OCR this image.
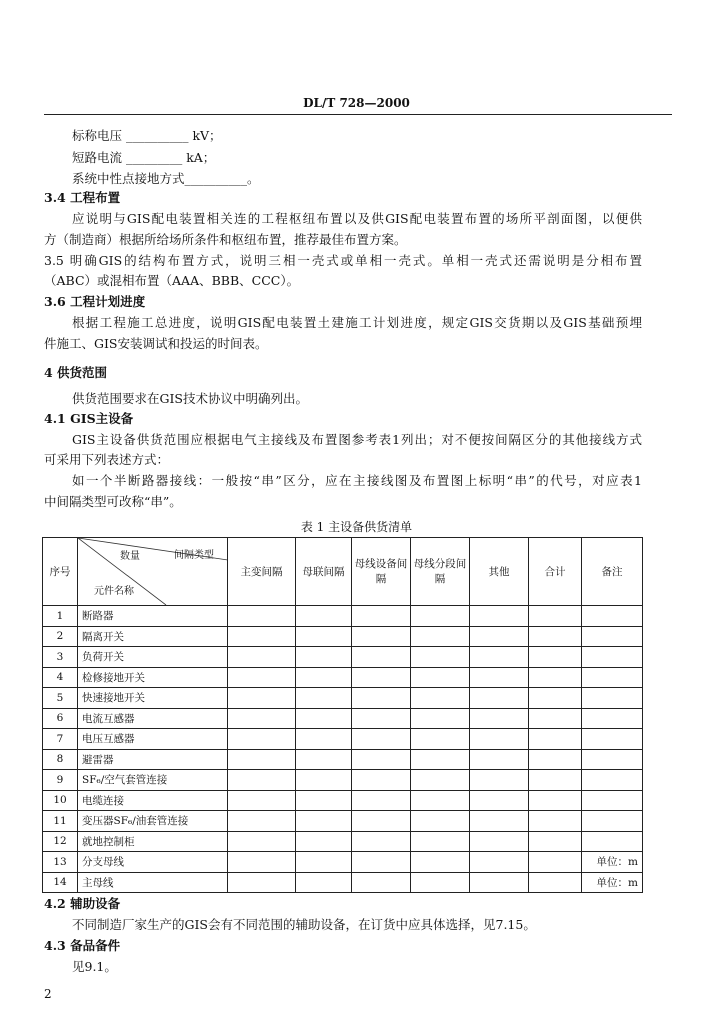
DL/T 728—2000
标称电压 __________ kV；
短路电流 _________ kA；
系统中性点接地方式__________。
3.4 工程布置
应说明与GIS配电装置相关连的工程枢纽布置以及供GIS配电装置布置的场所平剖面图，以便供
方（制造商）根据所给场所条件和枢纽布置，推荐最佳布置方案。
3.5 明确GIS的结构布置方式，说明三相一壳式或单相一壳式。单相一壳式还需说明是分相布置
（ABC）或混相布置（AAA、BBB、CCC）。
3.6 工程计划进度
根据工程施工总进度，说明GIS配电装置土建施工计划进度，规定GIS交货期以及GIS基础预埋
件施工、GIS安装调试和投运的时间表。
4 供货范围
供货范围要求在GIS技术协议中明确列出。
4.1 GIS主设备
GIS主设备供货范围应根据电气主接线及布置图参考表1列出；对不便按间隔区分的其他接线方式
可采用下列表述方式：
如一个半断路器接线：一般按“串”区分，应在主接线图及布置图上标明“串”的代号，对应表1
中间隔类型可改称“串”。
表 1 主设备供货清单
序号	数量 间隔类型
元件名称	主变间隔	母联间隔	母线设备间隔	母线分段间隔	其他	合计	备注
1	断路器							
2	隔离开关							
3	负荷开关							
4	检修接地开关							
5	快速接地开关							
6	电流互感器							
7	电压互感器							
8	避雷器							
9	SF₆/空气套管连接							
10	电缆连接							
11	变压器SF₆/油套管连接							
12	就地控制柜							
13	分支母线							单位：m
14	主母线							单位：m
4.2 辅助设备
不同制造厂家生产的GIS会有不同范围的辅助设备，在订货中应具体选择，见7.15。
4.3 备品备件
见9.1。
2
